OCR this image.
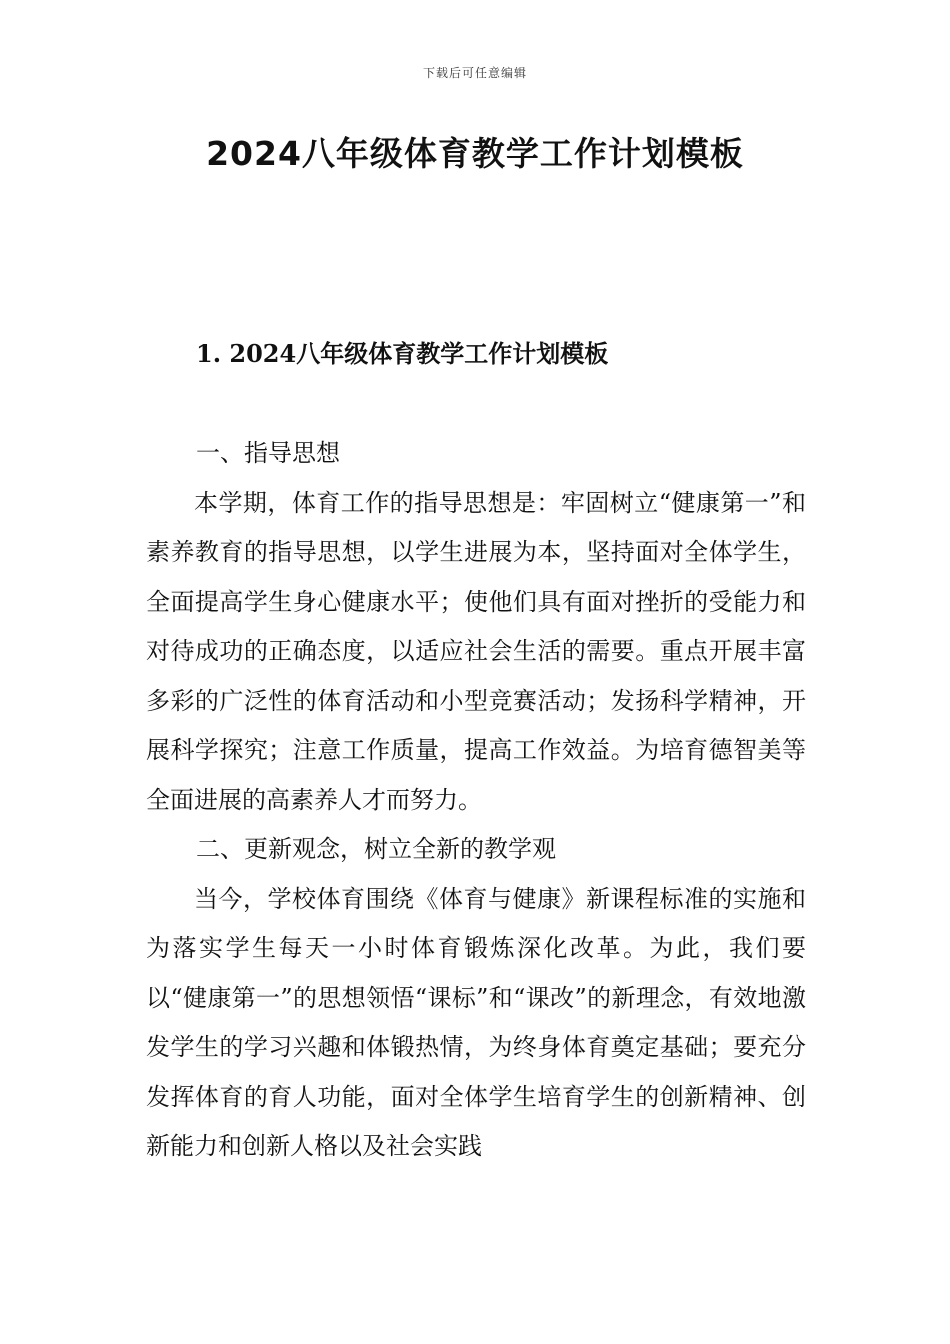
下载后可任意编辑
2024八年级体育教学工作计划模板
1. 2024八年级体育教学工作计划模板

一、指导思想

本学期，体育工作的指导思想是：牢固树立“健康第一”和素养教育的指导思想，以学生进展为本，坚持面对全体学生，全面提高学生身心健康水平；使他们具有面对挫折的受能力和对待成功的正确态度，以适应社会生活的需要。重点开展丰富多彩的广泛性的体育活动和小型竞赛活动；发扬科学精神，开展科学探究；注意工作质量，提高工作效益。为培育德智美等全面进展的高素养人才而努力。

二、更新观念，树立全新的教学观

当今，学校体育围绕《体育与健康》新课程标准的实施和为落实学生每天一小时体育锻炼深化改革。为此，我们要以“健康第一”的思想领悟“课标”和“课改”的新理念，有效地激发学生的学习兴趣和体锻热情，为终身体育奠定基础；要充分发挥体育的育人功能，面对全体学生培育学生的创新精神、创新能力和创新人格以及社会实践
